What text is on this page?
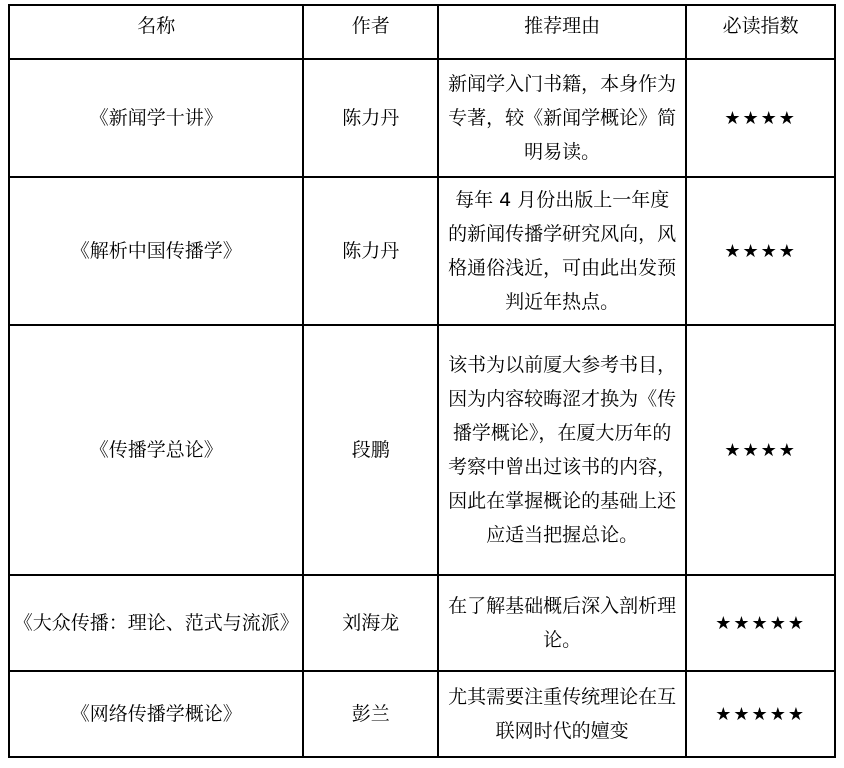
名称	作者	推荐理由	必读指数
《新闻学十讲》	陈力丹	新闻学入门书籍，本身作为专著，较《新闻学概论》简明易读。	★★★★
《解析中国传播学》	陈力丹	每年 4 月份出版上一年度的新闻传播学研究风向，风格通俗浅近，可由此出发预判近年热点。	★★★★
《传播学总论》	段鹏	该书为以前厦大参考书目，因为内容较晦涩才换为《传播学概论》，在厦大历年的考察中曾出过该书的内容，因此在掌握概论的基础上还应适当把握总论。	★★★★
《大众传播：理论、范式与流派》	刘海龙	在了解基础概后深入剖析理论。	★★★★★
《网络传播学概论》	彭兰	尤其需要注重传统理论在互联网时代的嬗变	★★★★★
